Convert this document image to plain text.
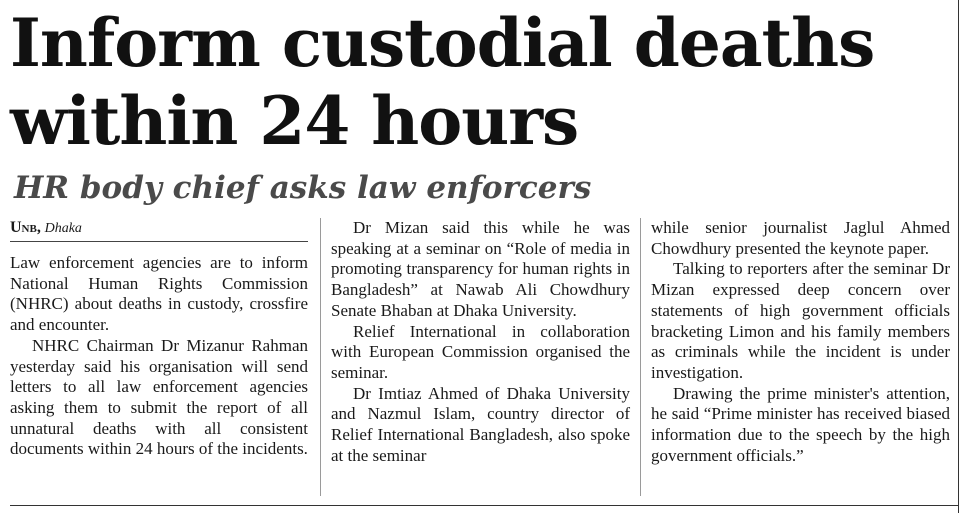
Inform custodial deaths within 24 hours
HR body chief asks law enforcers
Unb, Dhaka

Law enforcement agencies are to inform National Human Rights Commission (NHRC) about deaths in custody, crossfire and encounter.

NHRC Chairman Dr Mizanur Rahman yesterday said his organisation will send letters to all law enforcement agencies asking them to submit the report of all unnatural deaths with all consistent documents within 24 hours of the incidents.

Dr Mizan said this while he was speaking at a seminar on “Role of media in promoting transparency for human rights in Bangladesh” at Nawab Ali Chowdhury Senate Bhaban at Dhaka University.

Relief International in collaboration with European Commission organised the seminar.

Dr Imtiaz Ahmed of Dhaka University and Nazmul Islam, country director of Relief International Bangladesh, also spoke at the seminar

while senior journalist Jaglul Ahmed Chowdhury presented the keynote paper.

Talking to reporters after the seminar Dr Mizan expressed deep concern over statements of high government officials bracketing Limon and his family members as criminals while the incident is under investigation.

Drawing the prime minister's attention, he said “Prime minister has received biased information due to the speech by the high government officials.”
